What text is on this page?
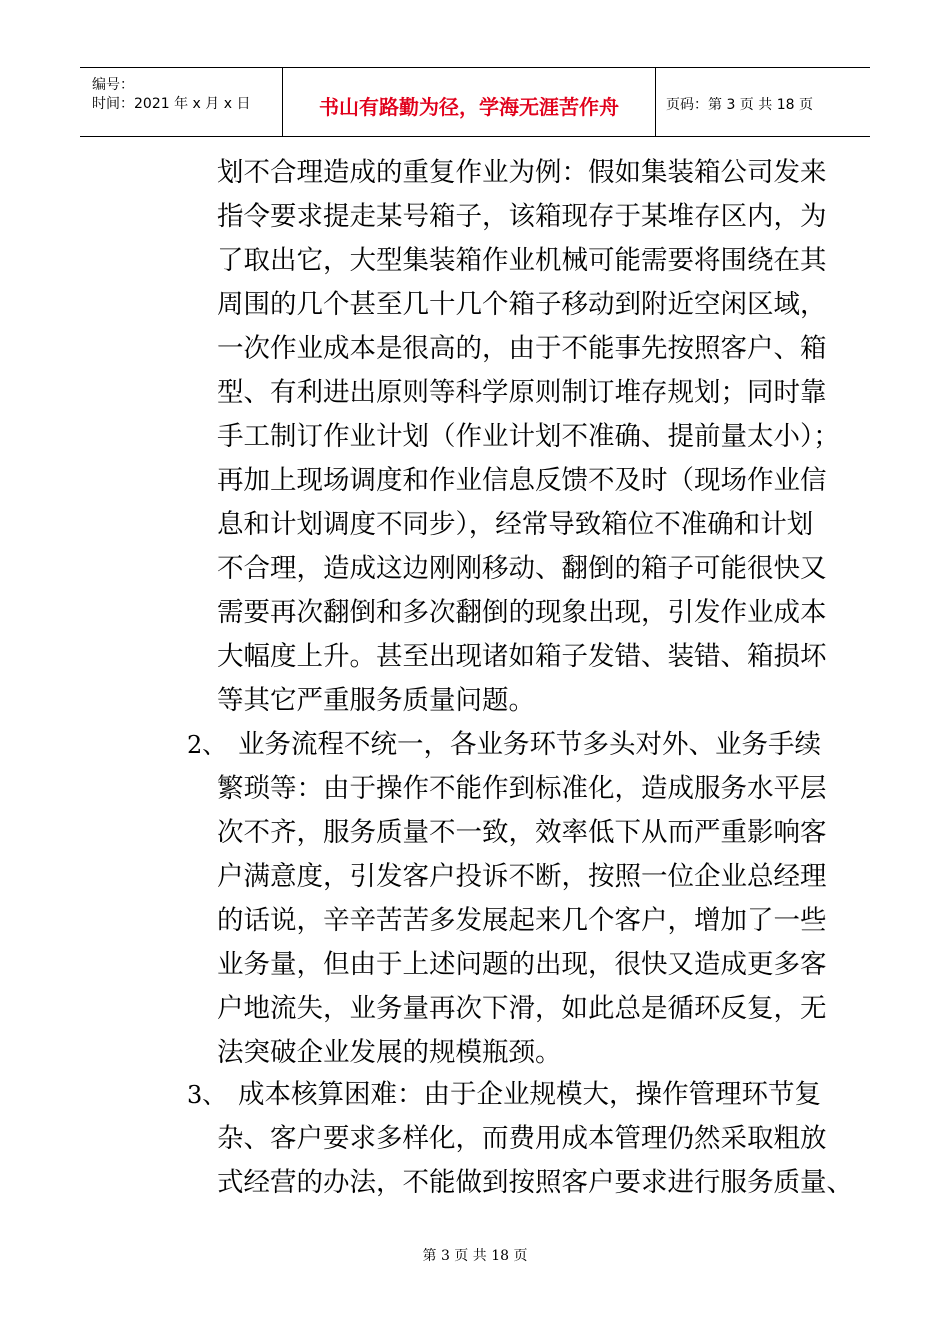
编号：
时间：2021 年 x 月 x 日	书山有路勤为径，学海无涯苦作舟	页码：第 3 页 共 18 页
划不合理造成的重复作业为例：假如集装箱公司发来
指令要求提走某号箱子，该箱现存于某堆存区内，为
了取出它，大型集装箱作业机械可能需要将围绕在其
周围的几个甚至几十几个箱子移动到附近空闲区域，
一次作业成本是很高的，由于不能事先按照客户、箱
型、有利进出原则等科学原则制订堆存规划；同时靠
手工制订作业计划（作业计划不准确、提前量太小）；
再加上现场调度和作业信息反馈不及时（现场作业信
息和计划调度不同步），经常导致箱位不准确和计划
不合理，造成这边刚刚移动、翻倒的箱子可能很快又
需要再次翻倒和多次翻倒的现象出现，引发作业成本
大幅度上升。甚至出现诸如箱子发错、装错、箱损坏
等其它严重服务质量问题。
2、 业务流程不统一，各业务环节多头对外、业务手续
繁琐等：由于操作不能作到标准化，造成服务水平层
次不齐，服务质量不一致，效率低下从而严重影响客
户满意度，引发客户投诉不断，按照一位企业总经理
的话说，辛辛苦苦多发展起来几个客户，增加了一些
业务量，但由于上述问题的出现，很快又造成更多客
户地流失，业务量再次下滑，如此总是循环反复，无
法突破企业发展的规模瓶颈。
3、 成本核算困难：由于企业规模大，操作管理环节复
杂、客户要求多样化，而费用成本管理仍然采取粗放
式经营的办法，不能做到按照客户要求进行服务质量、
第 3 页 共 18 页
